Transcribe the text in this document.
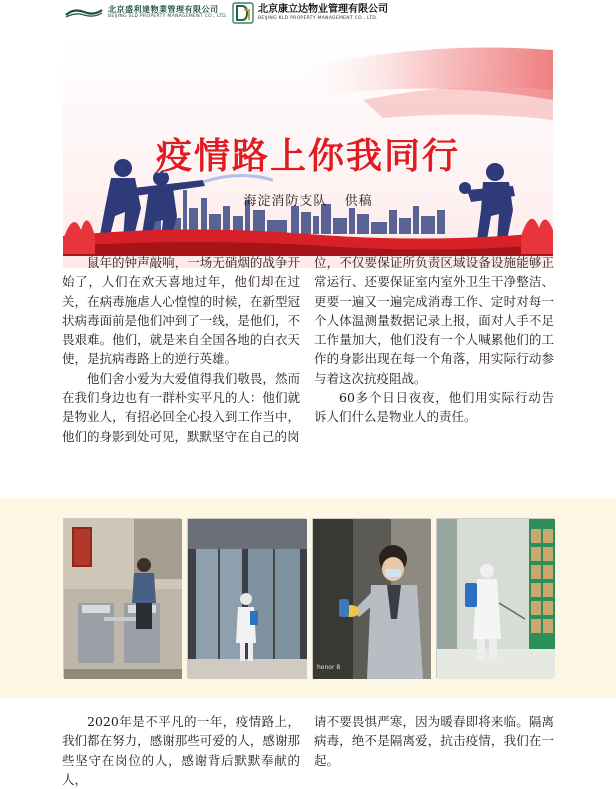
北京盛利達物業管理有限公司
BEIJING SLD PROPERTY MANAGEMENT CO., LTD.
北京康立达物业管理有限公司
BEIJING KLD PROPERTY MANAGEMENT CO., LTD.
疫情路上你我同行
海淀消防支队 供稿

鼠年的钟声敲响，一场无硝烟的战争开始了，人们在欢天喜地过年，他们却在过关，在病毒施虐人心惶惶的时候，在新型冠状病毒面前是他们冲到了一线，是他们，不畏艰难。他们，就是来自全国各地的白衣天使，是抗病毒路上的逆行英雄。

他们舍小爱为大爱值得我们敬畏，然而在我们身边也有一群朴实平凡的人：他们就是物业人，有招必回全心投入到工作当中，他们的身影到处可见，默默坚守在自己的岗

位，不仅要保证所负责区域设备设施能够正常运行、还要保证室内室外卫生干净整洁、更要一遍又一遍完成消毒工作、定时对每一个人体温测量数据记录上报，面对人手不足工作量加大，他们没有一个人喊累他们的工作的身影出现在每一个角落，用实际行动参与着这次抗疫阻战。

60多个日日夜夜，他们用实际行动告诉人们什么是物业人的责任。

honor 8

2020年是不平凡的一年，疫情路上，我们都在努力，感谢那些可爱的人，感谢那些坚守在岗位的人，感谢背后默默奉献的人，

请不要畏惧严寒，因为暖春即将来临。隔离病毒，绝不是隔离爱，抗击疫情，我们在一起。
